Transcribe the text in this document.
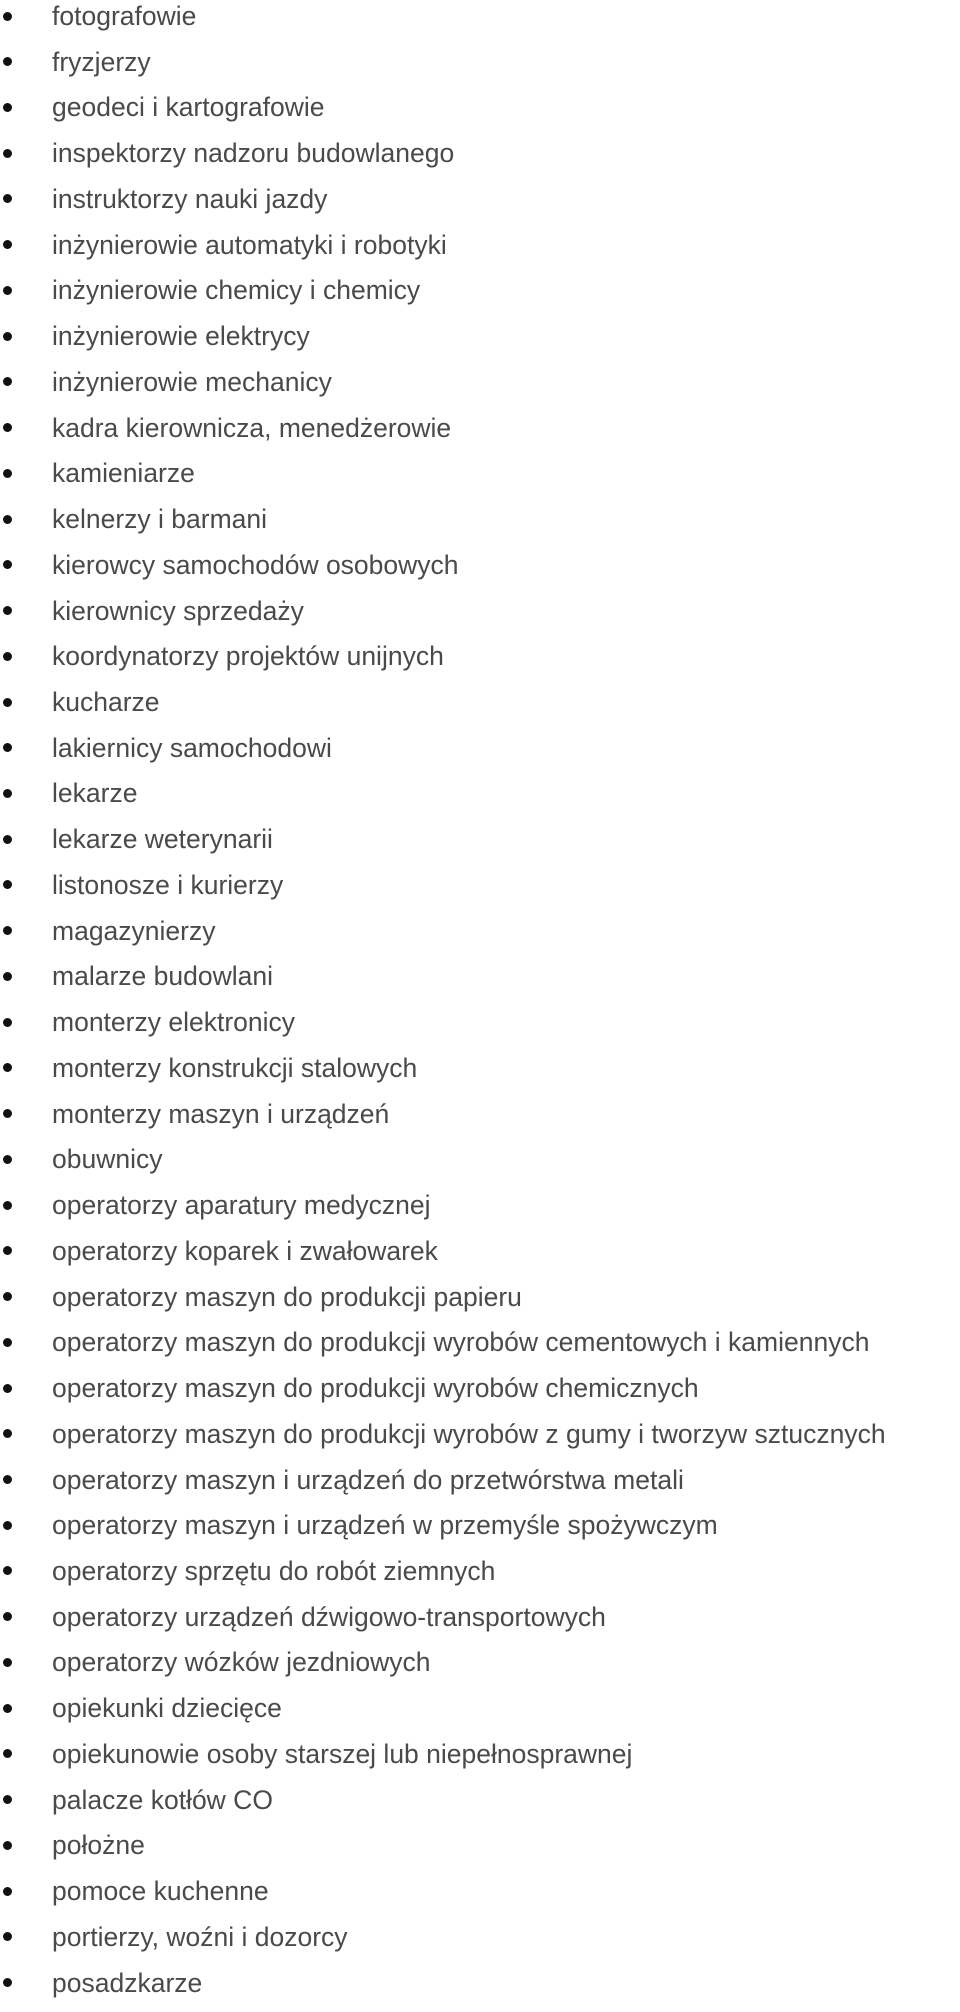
fotografowie
fryzjerzy
geodeci i kartografowie
inspektorzy nadzoru budowlanego
instruktorzy nauki jazdy
inżynierowie automatyki i robotyki
inżynierowie chemicy i chemicy
inżynierowie elektrycy
inżynierowie mechanicy
kadra kierownicza, menedżerowie
kamieniarze
kelnerzy i barmani
kierowcy samochodów osobowych
kierownicy sprzedaży
koordynatorzy projektów unijnych
kucharze
lakiernicy samochodowi
lekarze
lekarze weterynarii
listonosze i kurierzy
magazynierzy
malarze budowlani
monterzy elektronicy
monterzy konstrukcji stalowych
monterzy maszyn i urządzeń
obuwnicy
operatorzy aparatury medycznej
operatorzy koparek i zwałowarek
operatorzy maszyn do produkcji papieru
operatorzy maszyn do produkcji wyrobów cementowych i kamiennych
operatorzy maszyn do produkcji wyrobów chemicznych
operatorzy maszyn do produkcji wyrobów z gumy i tworzyw sztucznych
operatorzy maszyn i urządzeń do przetwórstwa metali
operatorzy maszyn i urządzeń w przemyśle spożywczym
operatorzy sprzętu do robót ziemnych
operatorzy urządzeń dźwigowo-transportowych
operatorzy wózków jezdniowych
opiekunki dziecięce
opiekunowie osoby starszej lub niepełnosprawnej
palacze kotłów CO
położne
pomoce kuchenne
portierzy, woźni i dozorcy
posadzkarze
